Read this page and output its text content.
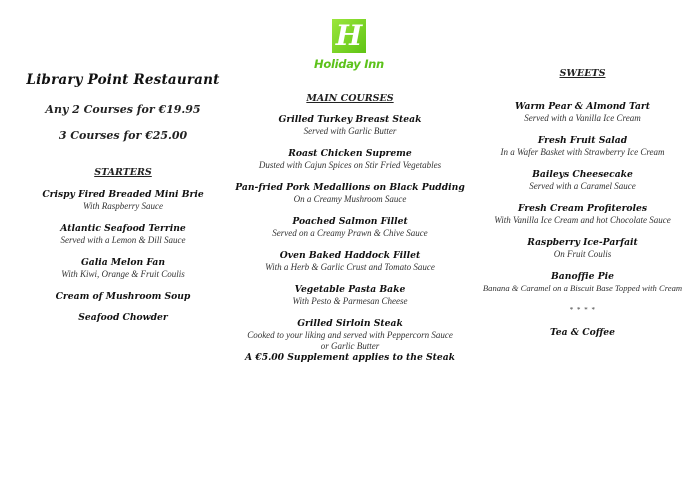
H
Holiday Inn
Library Point Restaurant
Any 2 Courses for €19.95
3 Courses for €25.00
STARTERS
Crispy Fired Breaded Mini Brie
With Raspberry Sauce
Atlantic Seafood Terrine
Served with a Lemon & Dill Sauce
Galia Melon Fan
With Kiwi, Orange & Fruit Coulis
Cream of Mushroom Soup
Seafood Chowder
MAIN COURSES
Grilled Turkey Breast Steak
Served with Garlic Butter
Roast Chicken Supreme
Dusted with Cajun Spices on Stir Fried Vegetables
Pan-fried Pork Medallions on Black Pudding
On a Creamy Mushroom Sauce
Poached Salmon Fillet
Served on a Creamy Prawn & Chive Sauce
Oven Baked Haddock Fillet
With a Herb & Garlic Crust and Tomato Sauce
Vegetable Pasta Bake
With Pesto & Parmesan Cheese
Grilled Sirloin Steak
Cooked to your liking and served with Peppercorn Sauce
or Garlic Butter
A €5.00 Supplement applies to the Steak
SWEETS
Warm Pear & Almond Tart
Served with a Vanilla Ice Cream
Fresh Fruit Salad
In a Wafer Basket with Strawberry Ice Cream
Baileys Cheesecake
Served with a Caramel Sauce
Fresh Cream Profiteroles
With Vanilla Ice Cream and hot Chocolate Sauce
Raspberry Ice-Parfait
On Fruit Coulis
Banoffie Pie
Banana & Caramel on a Biscuit Base Topped with Cream
* * * *
Tea & Coffee
